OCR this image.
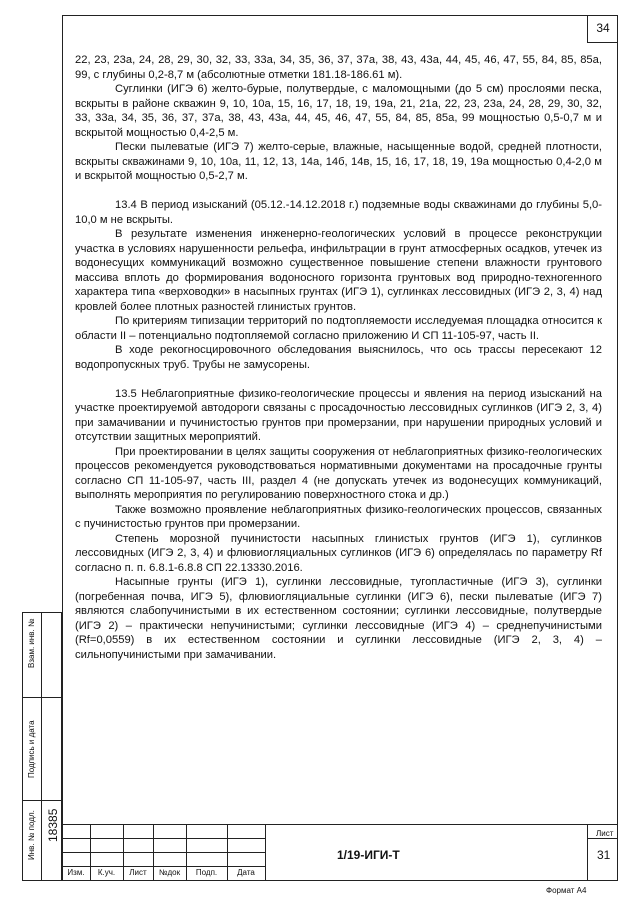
34

22, 23, 23а, 24, 28, 29, 30, 32, 33, 33а, 34, 35, 36, 37, 37а, 38, 43, 43а, 44, 45, 46, 47, 55, 84, 85, 85а, 99, с глубины 0,2-8,7 м (абсолютные отметки 181.18-186.61 м).

Суглинки (ИГЭ 6) желто-бурые, полутвердые, с маломощными (до 5 см) прослоями песка, вскрыты в районе скважин 9, 10, 10а, 15, 16, 17, 18, 19, 19а, 21, 21а, 22, 23, 23а, 24, 28, 29, 30, 32, 33, 33а, 34, 35, 36, 37, 37а, 38, 43, 43а, 44, 45, 46, 47, 55, 84, 85, 85а, 99 мощностью 0,5-0,7 м и вскрытой мощностью 0,4-2,5 м.

Пески пылеватые (ИГЭ 7) желто-серые, влажные, насыщенные водой, средней плотности, вскрыты скважинами 9, 10, 10а, 11, 12, 13, 14а, 14б, 14в, 15, 16, 17, 18, 19, 19а мощностью 0,4-2,0 м и вскрытой мощностью 0,5-2,7 м.

13.4 В период изысканий (05.12.-14.12.2018 г.) подземные воды скважинами до глубины 5,0-10,0 м не вскрыты.

В результате изменения инженерно-геологических условий в процессе реконструкции участка в условиях нарушенности рельефа, инфильтрации в грунт атмосферных осадков, утечек из водонесущих коммуникаций возможно существенное повышение степени влажности грунтового массива вплоть до формирования водоносного горизонта грунтовых вод природно-техногенного характера типа «верховодки» в насыпных грунтах (ИГЭ 1), суглинках лессовидных (ИГЭ 2, 3, 4) над кровлей более плотных разностей глинистых грунтов.

По критериям типизации территорий по подтопляемости исследуемая площадка относится к области II – потенциально подтопляемой согласно приложению И СП 11-105-97, часть II.

В ходе рекогносцировочного обследования выяснилось, что ось трассы пересекают 12 водопропускных труб. Трубы не замусорены.

13.5 Неблагоприятные физико-геологические процессы и явления на период изысканий на участке проектируемой автодороги связаны с просадочностью лессовидных суглинков (ИГЭ 2, 3, 4) при замачивании и пучинистостью грунтов при промерзании, при нарушении природных условий и отсутствии защитных мероприятий.

При проектировании в целях защиты сооружения от неблагоприятных физико-геологических процессов рекомендуется руководствоваться нормативными документами на просадочные грунты согласно СП 11-105-97, часть III, раздел 4 (не допускать утечек из водонесущих коммуникаций, выполнять мероприятия по регулированию поверхностного стока и др.)

Также возможно проявление неблагоприятных физико-геологических процессов, связанных с пучинистостью грунтов при промерзании.

Степень морозной пучинистости насыпных глинистых грунтов (ИГЭ 1), суглинков лессовидных (ИГЭ 2, 3, 4) и флювиогляциальных суглинков (ИГЭ 6) определялась по параметру Rf согласно п. п. 6.8.1-6.8.8 СП 22.13330.2016.

Насыпные грунты (ИГЭ 1), суглинки лессовидные, тугопластичные (ИГЭ 3), суглинки (погребенная почва, ИГЭ 5), флювиогляциальные суглинки (ИГЭ 6), пески пылеватые (ИГЭ 7) являются слабопучинистыми в их естественном состоянии; суглинки лессовидные, полутвердые (ИГЭ 2) – практически непучинистыми; суглинки лессовидные (ИГЭ 4) – среднепучинистыми (Rf=0,0559) в их естественном состоянии и суглинки лессовидные (ИГЭ 2, 3, 4) – сильнопучинистыми при замачивании.

Взам. инв. №
Подпись и дата
Инв. № подл. 18385
Изм.	К.уч.	Лист	№док	Подп.	Дата
1/19-ИГИ-Т
Лист
31
Формат А4
